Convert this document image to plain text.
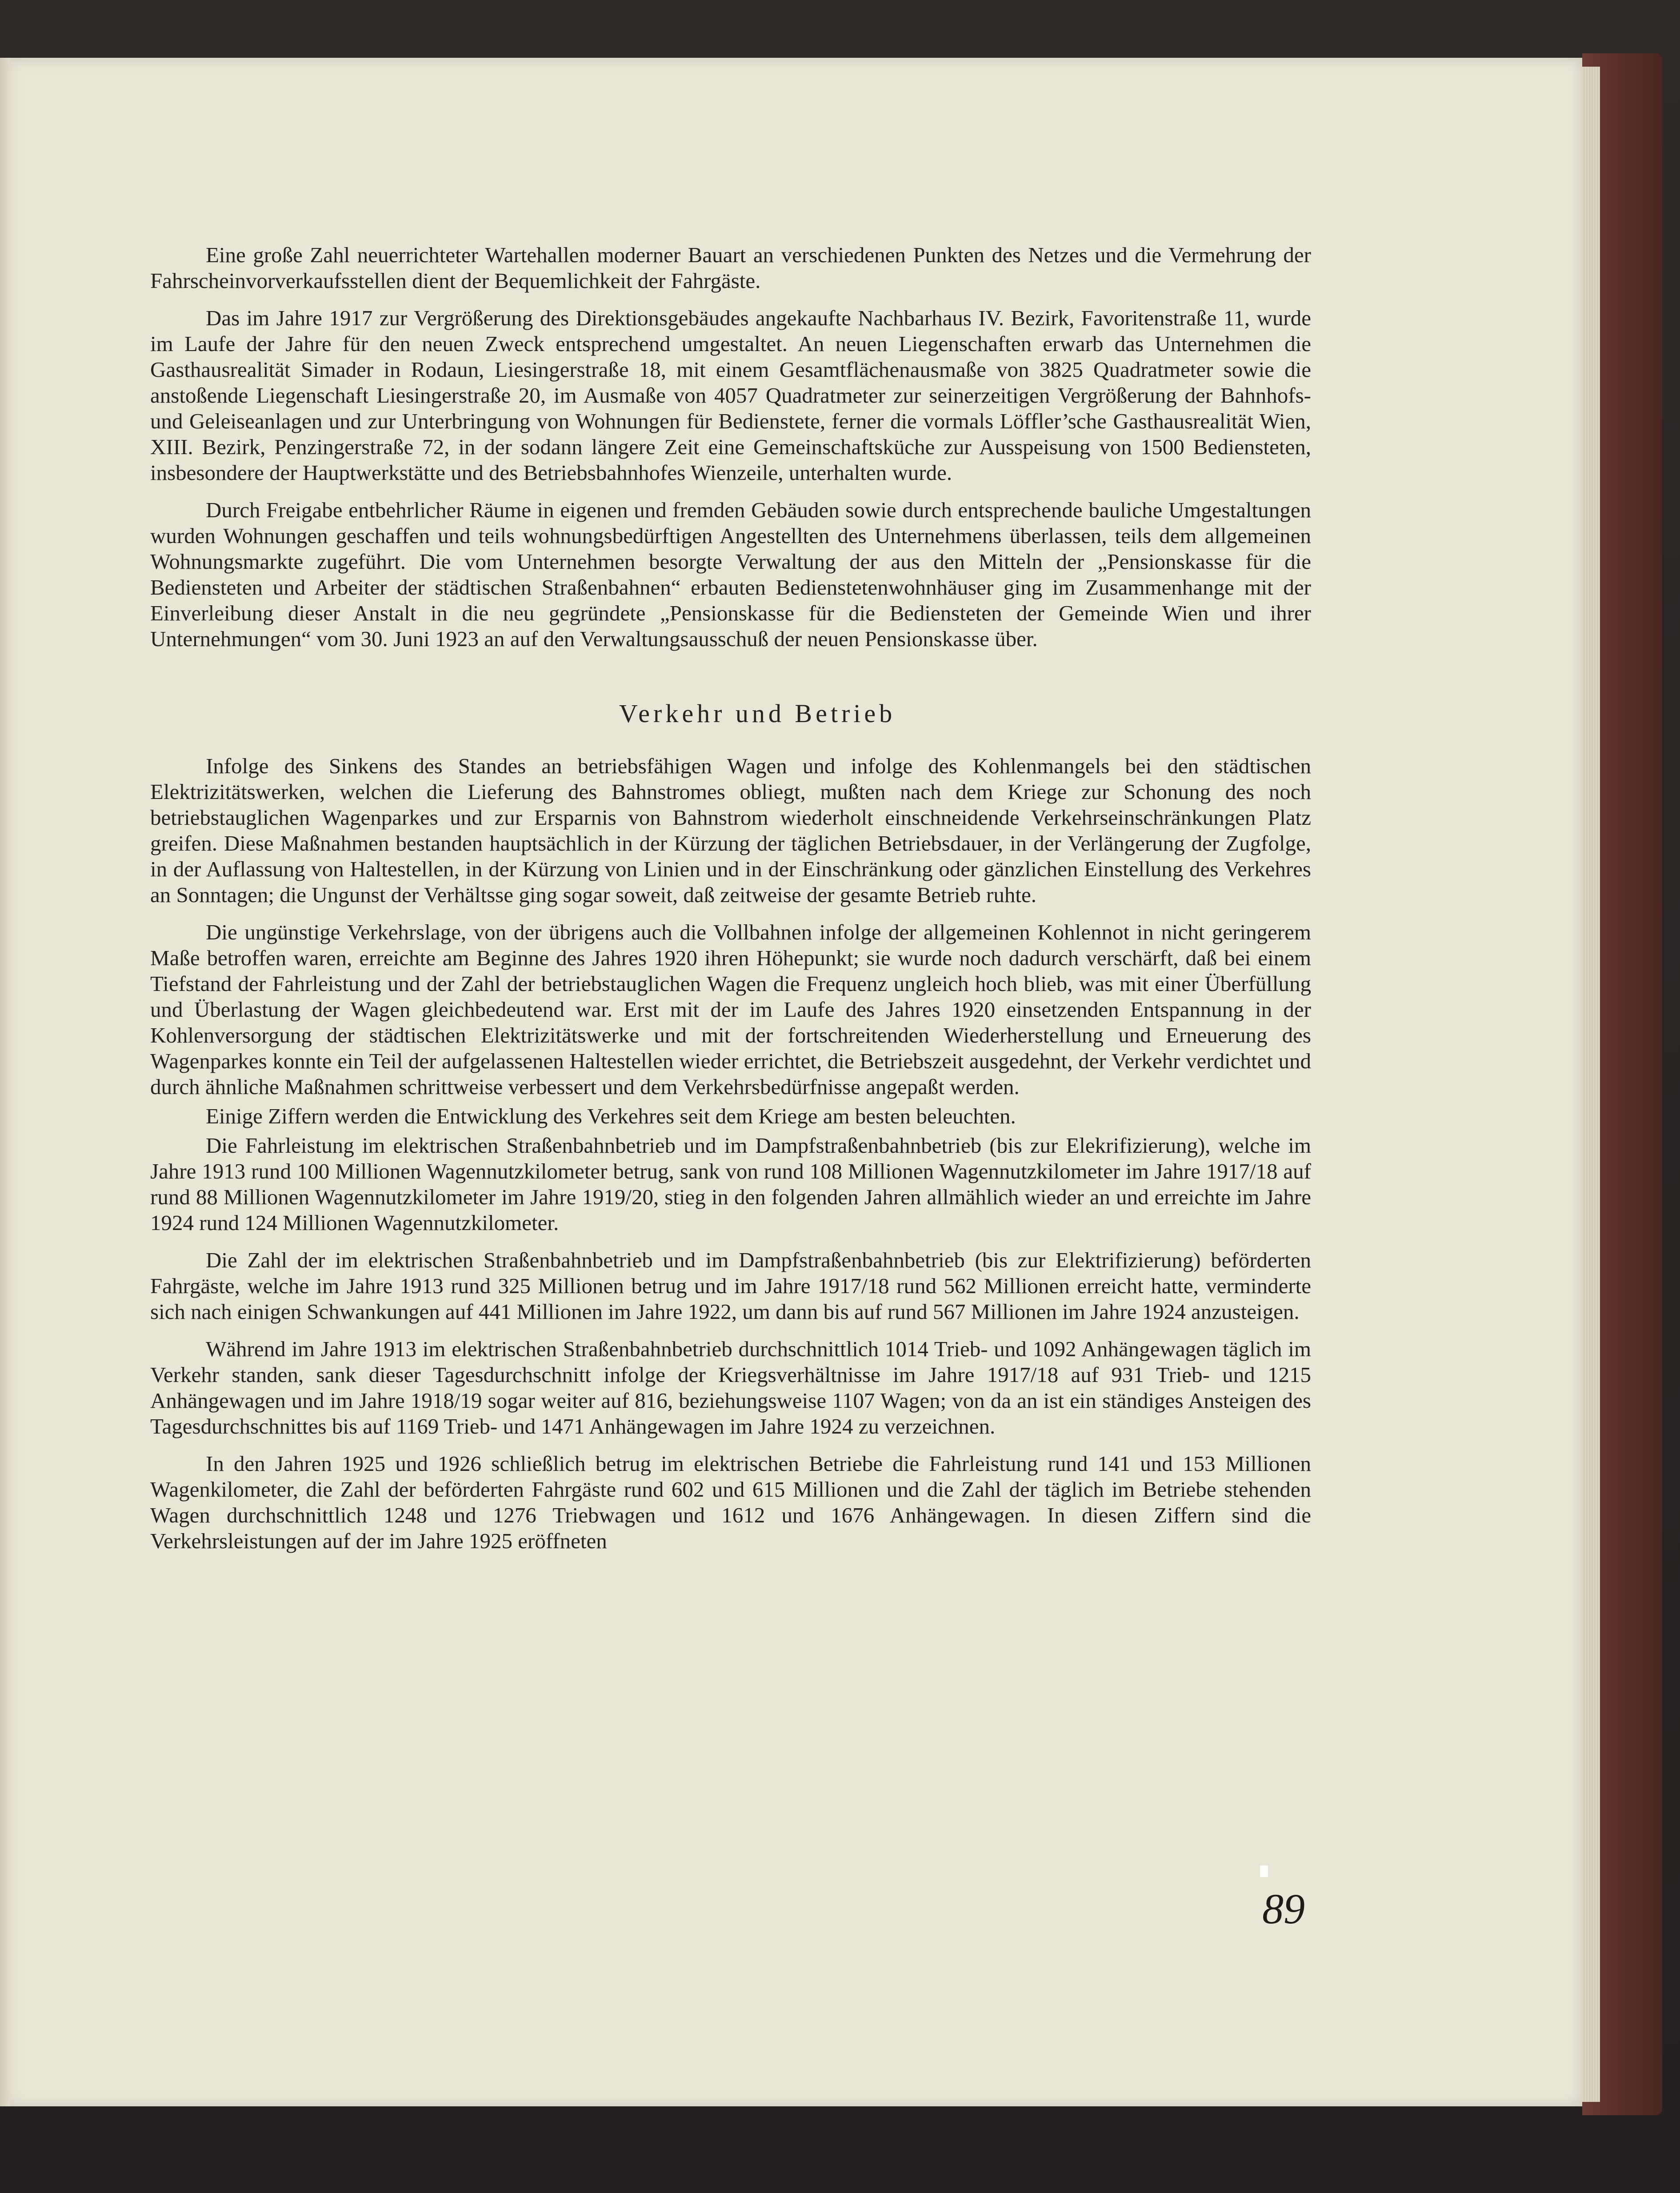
Eine große Zahl neuerrichteter Wartehallen moderner Bauart an verschiedenen Punkten des Netzes und die Vermehrung der Fahrscheinvorverkaufsstellen dient der Bequemlichkeit der Fahrgäste.

Das im Jahre 1917 zur Vergrößerung des Direktionsgebäudes angekaufte Nachbarhaus IV. Bezirk, Favoritenstraße 11, wurde im Laufe der Jahre für den neuen Zweck entsprechend umgestaltet. An neuen Liegenschaften erwarb das Unternehmen die Gasthausrealität Simader in Rodaun, Liesingerstraße 18, mit einem Gesamtflächenausmaße von 3825 Quadratmeter sowie die anstoßende Liegenschaft Liesingerstraße 20, im Ausmaße von 4057 Quadratmeter zur seinerzeitigen Vergrößerung der Bahnhofs- und Geleiseanlagen und zur Unterbringung von Wohnungen für Bedienstete, ferner die vormals Löffler’sche Gasthausrealität Wien, XIII. Bezirk, Penzingerstraße 72, in der sodann längere Zeit eine Gemeinschaftsküche zur Ausspeisung von 1500 Bediensteten, insbesondere der Hauptwerkstätte und des Betriebsbahnhofes Wienzeile, unterhalten wurde.

Durch Freigabe entbehrlicher Räume in eigenen und fremden Gebäuden sowie durch entsprechende bauliche Umgestaltungen wurden Wohnungen geschaffen und teils wohnungsbedürftigen Angestellten des Unternehmens überlassen, teils dem allgemeinen Wohnungsmarkte zugeführt. Die vom Unternehmen besorgte Verwaltung der aus den Mitteln der „Pensionskasse für die Bediensteten und Arbeiter der städtischen Straßenbahnen“ erbauten Bedienstetenwohnhäuser ging im Zusammenhange mit der Einverleibung dieser Anstalt in die neu gegründete „Pensionskasse für die Bediensteten der Gemeinde Wien und ihrer Unternehmungen“ vom 30. Juni 1923 an auf den Verwaltungsausschuß der neuen Pensionskasse über.

Verkehr und Betrieb

Infolge des Sinkens des Standes an betriebsfähigen Wagen und infolge des Kohlenmangels bei den städtischen Elektrizitätswerken, welchen die Lieferung des Bahnstromes obliegt, mußten nach dem Kriege zur Schonung des noch betriebstauglichen Wagenparkes und zur Ersparnis von Bahnstrom wiederholt einschneidende Verkehrseinschränkungen Platz greifen. Diese Maßnahmen bestanden hauptsächlich in der Kürzung der täglichen Betriebsdauer, in der Verlängerung der Zugfolge, in der Auflassung von Haltestellen, in der Kürzung von Linien und in der Einschränkung oder gänzlichen Einstellung des Verkehres an Sonntagen; die Ungunst der Verhältsse ging sogar soweit, daß zeitweise der gesamte Betrieb ruhte.

Die ungünstige Verkehrslage, von der übrigens auch die Vollbahnen infolge der allgemeinen Kohlennot in nicht geringerem Maße betroffen waren, erreichte am Beginne des Jahres 1920 ihren Höhepunkt; sie wurde noch dadurch verschärft, daß bei einem Tiefstand der Fahrleistung und der Zahl der betriebstauglichen Wagen die Frequenz ungleich hoch blieb, was mit einer Überfüllung und Überlastung der Wagen gleichbedeutend war. Erst mit der im Laufe des Jahres 1920 einsetzenden Entspannung in der Kohlenversorgung der städtischen Elektrizitätswerke und mit der fortschreitenden Wiederherstellung und Erneuerung des Wagenparkes konnte ein Teil der aufgelassenen Haltestellen wieder errichtet, die Betriebszeit ausgedehnt, der Verkehr verdichtet und durch ähnliche Maßnahmen schrittweise verbessert und dem Verkehrsbedürfnisse angepaßt werden.

Einige Ziffern werden die Entwicklung des Verkehres seit dem Kriege am besten beleuchten.

Die Fahrleistung im elektrischen Straßenbahnbetrieb und im Dampfstraßenbahnbetrieb (bis zur Elekrifizierung), welche im Jahre 1913 rund 100 Millionen Wagennutzkilometer betrug, sank von rund 108 Millionen Wagennutzkilometer im Jahre 1917/18 auf rund 88 Millionen Wagennutzkilometer im Jahre 1919/20, stieg in den folgenden Jahren allmählich wieder an und erreichte im Jahre 1924 rund 124 Millionen Wagennutzkilometer.

Die Zahl der im elektrischen Straßenbahnbetrieb und im Dampfstraßenbahnbetrieb (bis zur Elektrifizierung) beförderten Fahrgäste, welche im Jahre 1913 rund 325 Millionen betrug und im Jahre 1917/18 rund 562 Millionen erreicht hatte, verminderte sich nach einigen Schwankungen auf 441 Millionen im Jahre 1922, um dann bis auf rund 567 Millionen im Jahre 1924 anzusteigen.

Während im Jahre 1913 im elektrischen Straßenbahnbetrieb durchschnittlich 1014 Trieb- und 1092 Anhängewagen täglich im Verkehr standen, sank dieser Tagesdurchschnitt infolge der Kriegsverhältnisse im Jahre 1917/18 auf 931 Trieb- und 1215 Anhängewagen und im Jahre 1918/19 sogar weiter auf 816, beziehungsweise 1107 Wagen; von da an ist ein ständiges Ansteigen des Tagesdurchschnittes bis auf 1169 Trieb- und 1471 Anhängewagen im Jahre 1924 zu verzeichnen.

In den Jahren 1925 und 1926 schließlich betrug im elektrischen Betriebe die Fahrleistung rund 141 und 153 Millionen Wagenkilometer, die Zahl der beförderten Fahrgäste rund 602 und 615 Millionen und die Zahl der täglich im Betriebe stehenden Wagen durchschnittlich 1248 und 1276 Triebwagen und 1612 und 1676 Anhängewagen. In diesen Ziffern sind die Verkehrsleistungen auf der im Jahre 1925 eröffneten

89
